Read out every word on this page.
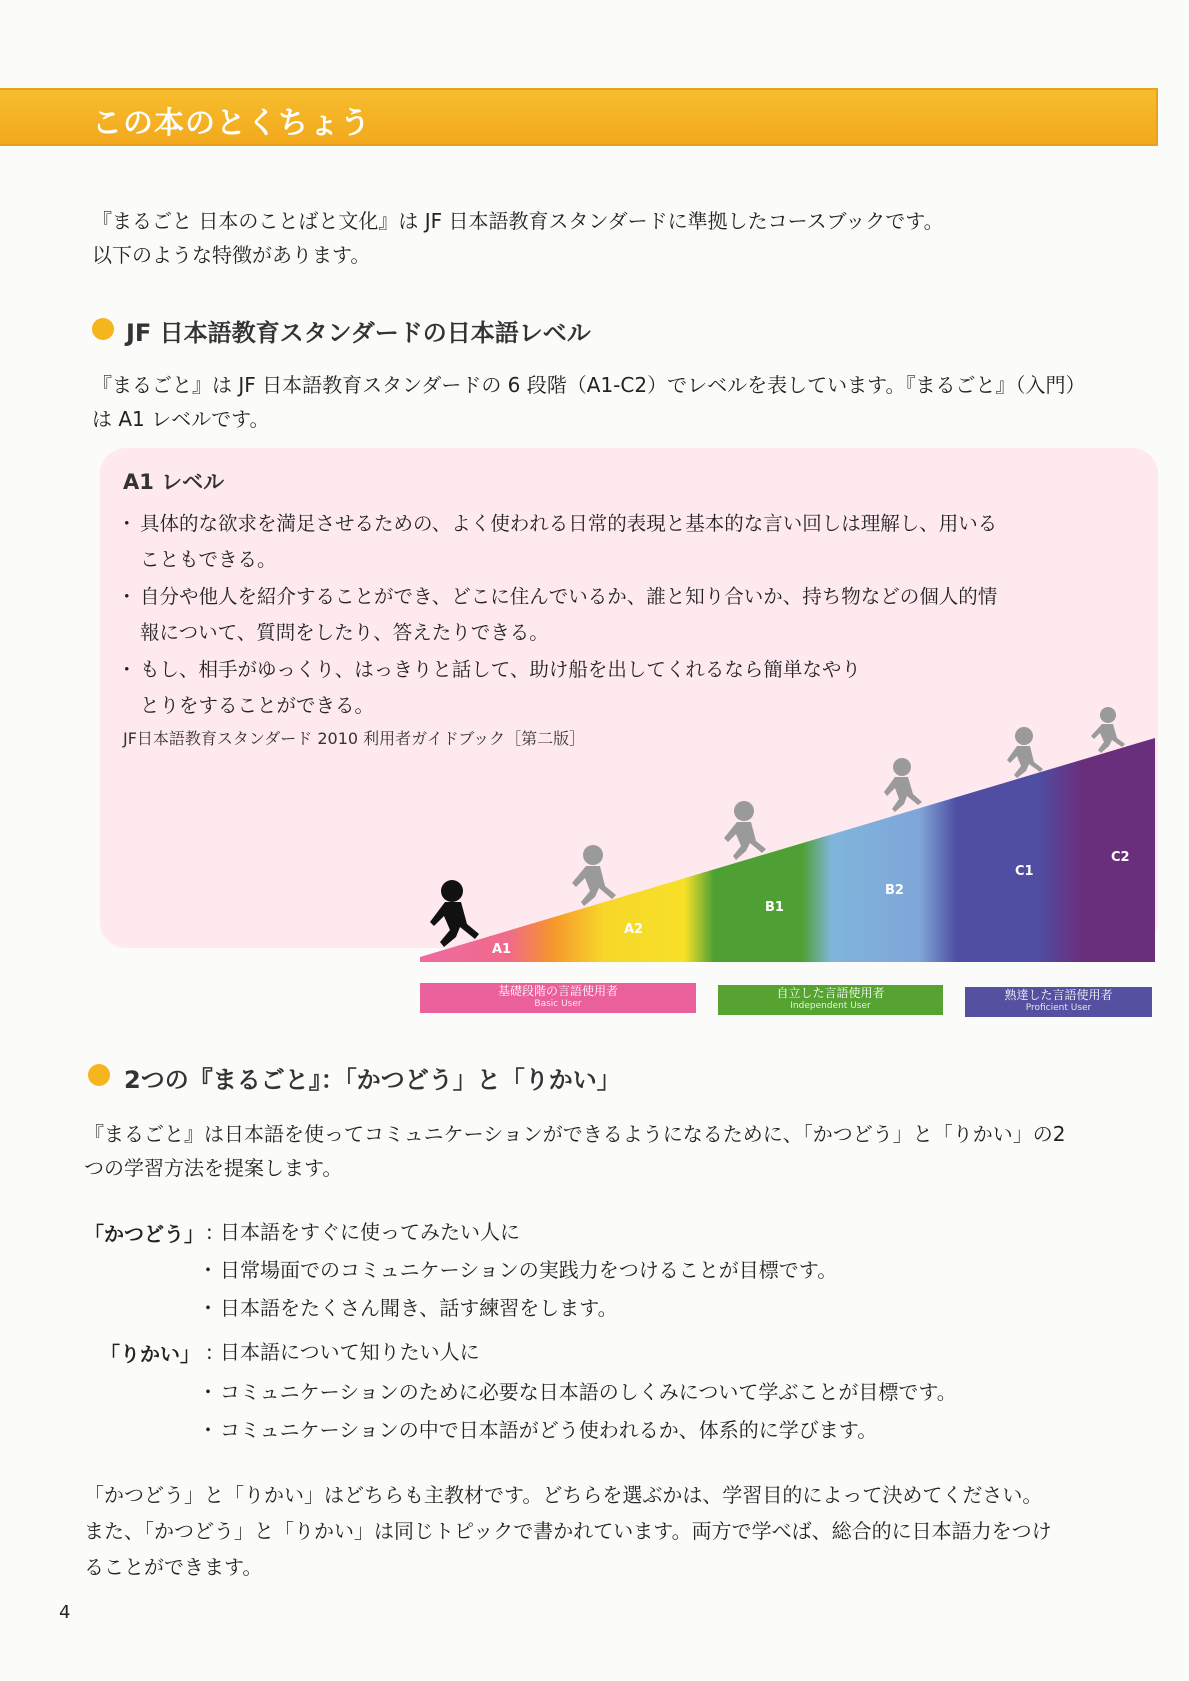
この本のとくちょう

『まるごと 日本のことばと文化』は JF 日本語教育スタンダードに準拠したコースブックです。

以下のような特徴があります。

JF 日本語教育スタンダードの日本語レベル

『まるごと』は JF 日本語教育スタンダードの 6 段階（A1-C2）でレベルを表しています。『まるごと』（入門）

は A1 レベルです。

A1 レベル
・ 具体的な欲求を満足させるための、よく使われる日常的表現と基本的な言い回しは理解し、用いる
こともできる。
・ 自分や他人を紹介することができ、どこに住んでいるか、誰と知り合いか、持ち物などの個人的情
報について、質問をしたり、答えたりできる。
・ もし、相手がゆっくり、はっきりと話して、助け船を出してくれるなら簡単なやり
とりをすることができる。
JF日本語教育スタンダード 2010 利用者ガイドブック［第二版］
A1
A2
B1
B2
C1
C2
基礎段階の言語使用者
Basic User
自立した言語使用者
Independent User
熟達した言語使用者
Proficient User
2つの『まるごと』：「かつどう」と「りかい」

『まるごと』は日本語を使ってコミュニケーションができるようになるために、「かつどう」と「りかい」の2

つの学習方法を提案します。

「かつどう」 : 日本語をすぐに使ってみたい人に
・ 日常場面でのコミュニケーションの実践力をつけることが目標です。
・ 日本語をたくさん聞き、話す練習をします。
「りかい」 : 日本語について知りたい人に
・ コミュニケーションのために必要な日本語のしくみについて学ぶことが目標です。
・ コミュニケーションの中で日本語がどう使われるか、体系的に学びます。

「かつどう」と「りかい」はどちらも主教材です。どちらを選ぶかは、学習目的によって決めてください。

また、「かつどう」と「りかい」は同じトピックで書かれています。両方で学べば、総合的に日本語力をつけ

ることができます。

4
